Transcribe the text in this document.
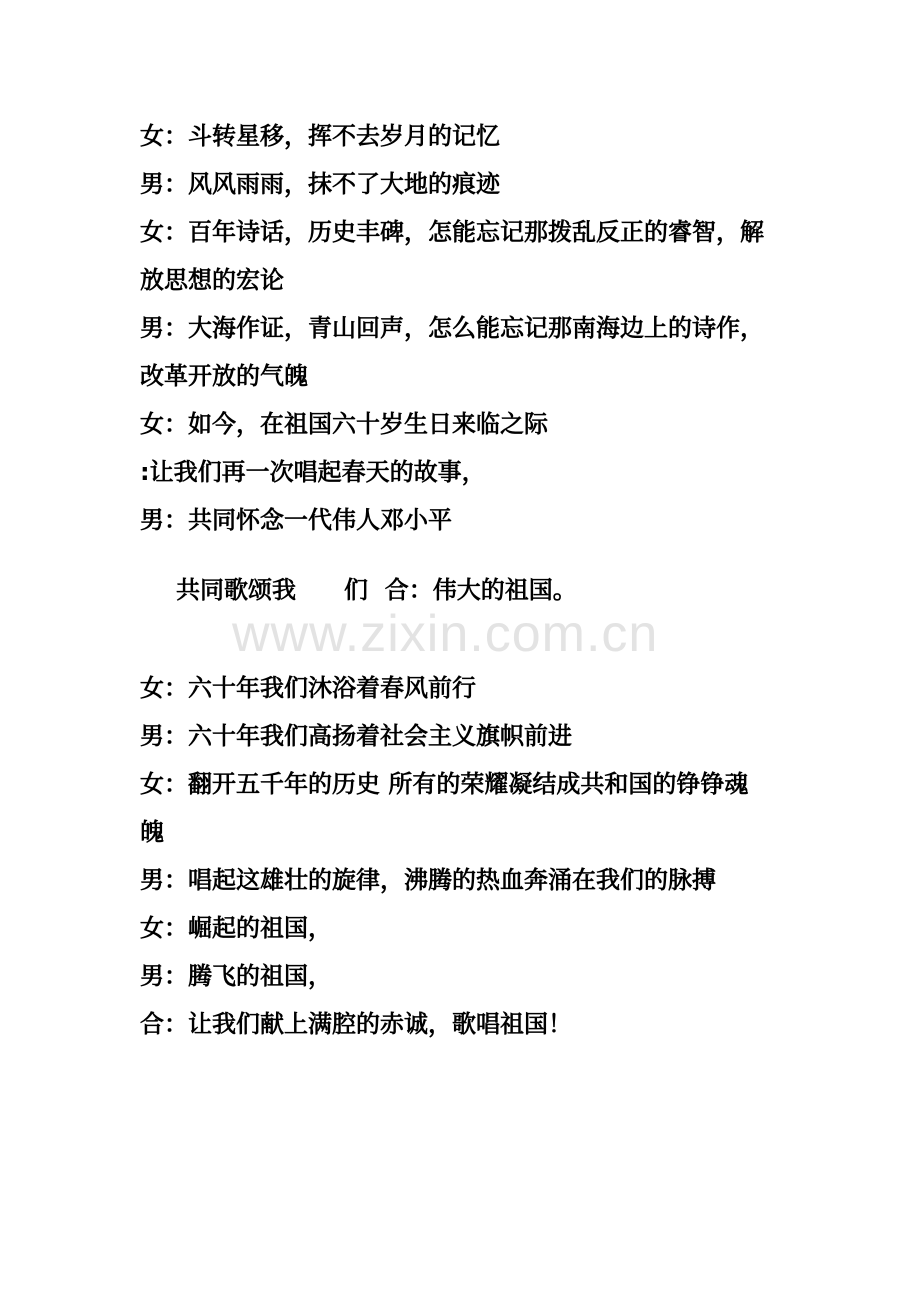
女：斗转星移，挥不去岁月的记忆
男：风风雨雨，抹不了大地的痕迹
女：百年诗话，历史丰碑，怎能忘记那拨乱反正的睿智，解
放思想的宏论
男：大海作证，青山回声，怎么能忘记那南海边上的诗作，
改革开放的气魄
女：如今，在祖国六十岁生日来临之际
:让我们再一次唱起春天的故事，
男：共同怀念一代伟人邓小平
共同歌颂我　　们  合：伟大的祖国。
www.zixin.com.cn
女：六十年我们沐浴着春风前行
男：六十年我们高扬着社会主义旗帜前进
女：翻开五千年的历史 所有的荣耀凝结成共和国的铮铮魂
魄
男：唱起这雄壮的旋律，沸腾的热血奔涌在我们的脉搏
女：崛起的祖国，
男：腾飞的祖国，
合：让我们献上满腔的赤诚，歌唱祖国！
